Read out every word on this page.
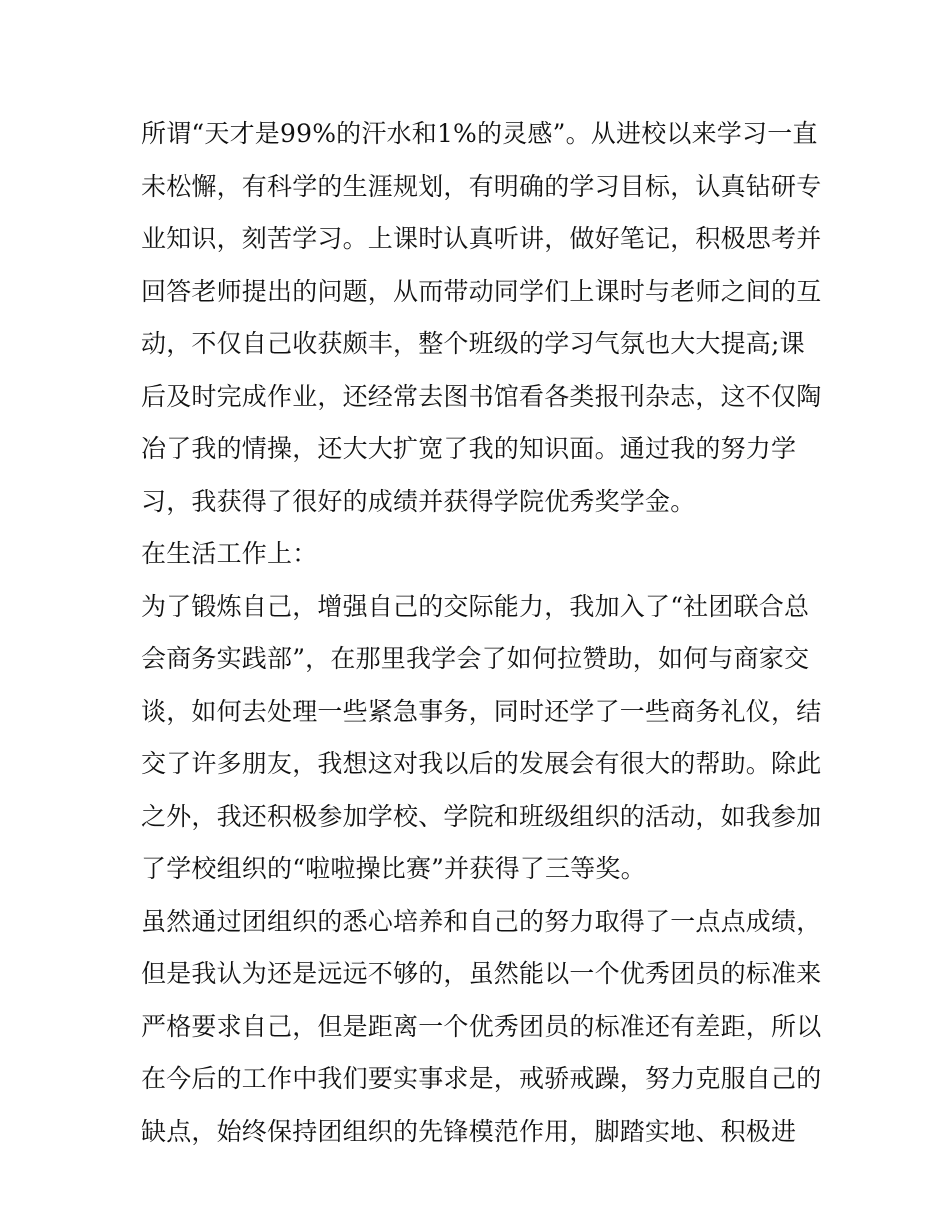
所谓“天才是99%的汗水和1%的灵感”。从进校以来学习一直
未松懈，有科学的生涯规划，有明确的学习目标，认真钻研专
业知识，刻苦学习。上课时认真听讲，做好笔记，积极思考并
回答老师提出的问题，从而带动同学们上课时与老师之间的互
动，不仅自己收获颇丰，整个班级的学习气氛也大大提高;课
后及时完成作业，还经常去图书馆看各类报刊杂志，这不仅陶
冶了我的情操，还大大扩宽了我的知识面。通过我的努力学
习，我获得了很好的成绩并获得学院优秀奖学金。
在生活工作上：
为了锻炼自己，增强自己的交际能力，我加入了“社团联合总
会商务实践部”，在那里我学会了如何拉赞助，如何与商家交
谈，如何去处理一些紧急事务，同时还学了一些商务礼仪，结
交了许多朋友，我想这对我以后的发展会有很大的帮助。除此
之外，我还积极参加学校、学院和班级组织的活动，如我参加
了学校组织的“啦啦操比赛”并获得了三等奖。
虽然通过团组织的悉心培养和自己的努力取得了一点点成绩，
但是我认为还是远远不够的，虽然能以一个优秀团员的标准来
严格要求自己，但是距离一个优秀团员的标准还有差距，所以
在今后的工作中我们要实事求是，戒骄戒躁，努力克服自己的
缺点，始终保持团组织的先锋模范作用，脚踏实地、积极进
